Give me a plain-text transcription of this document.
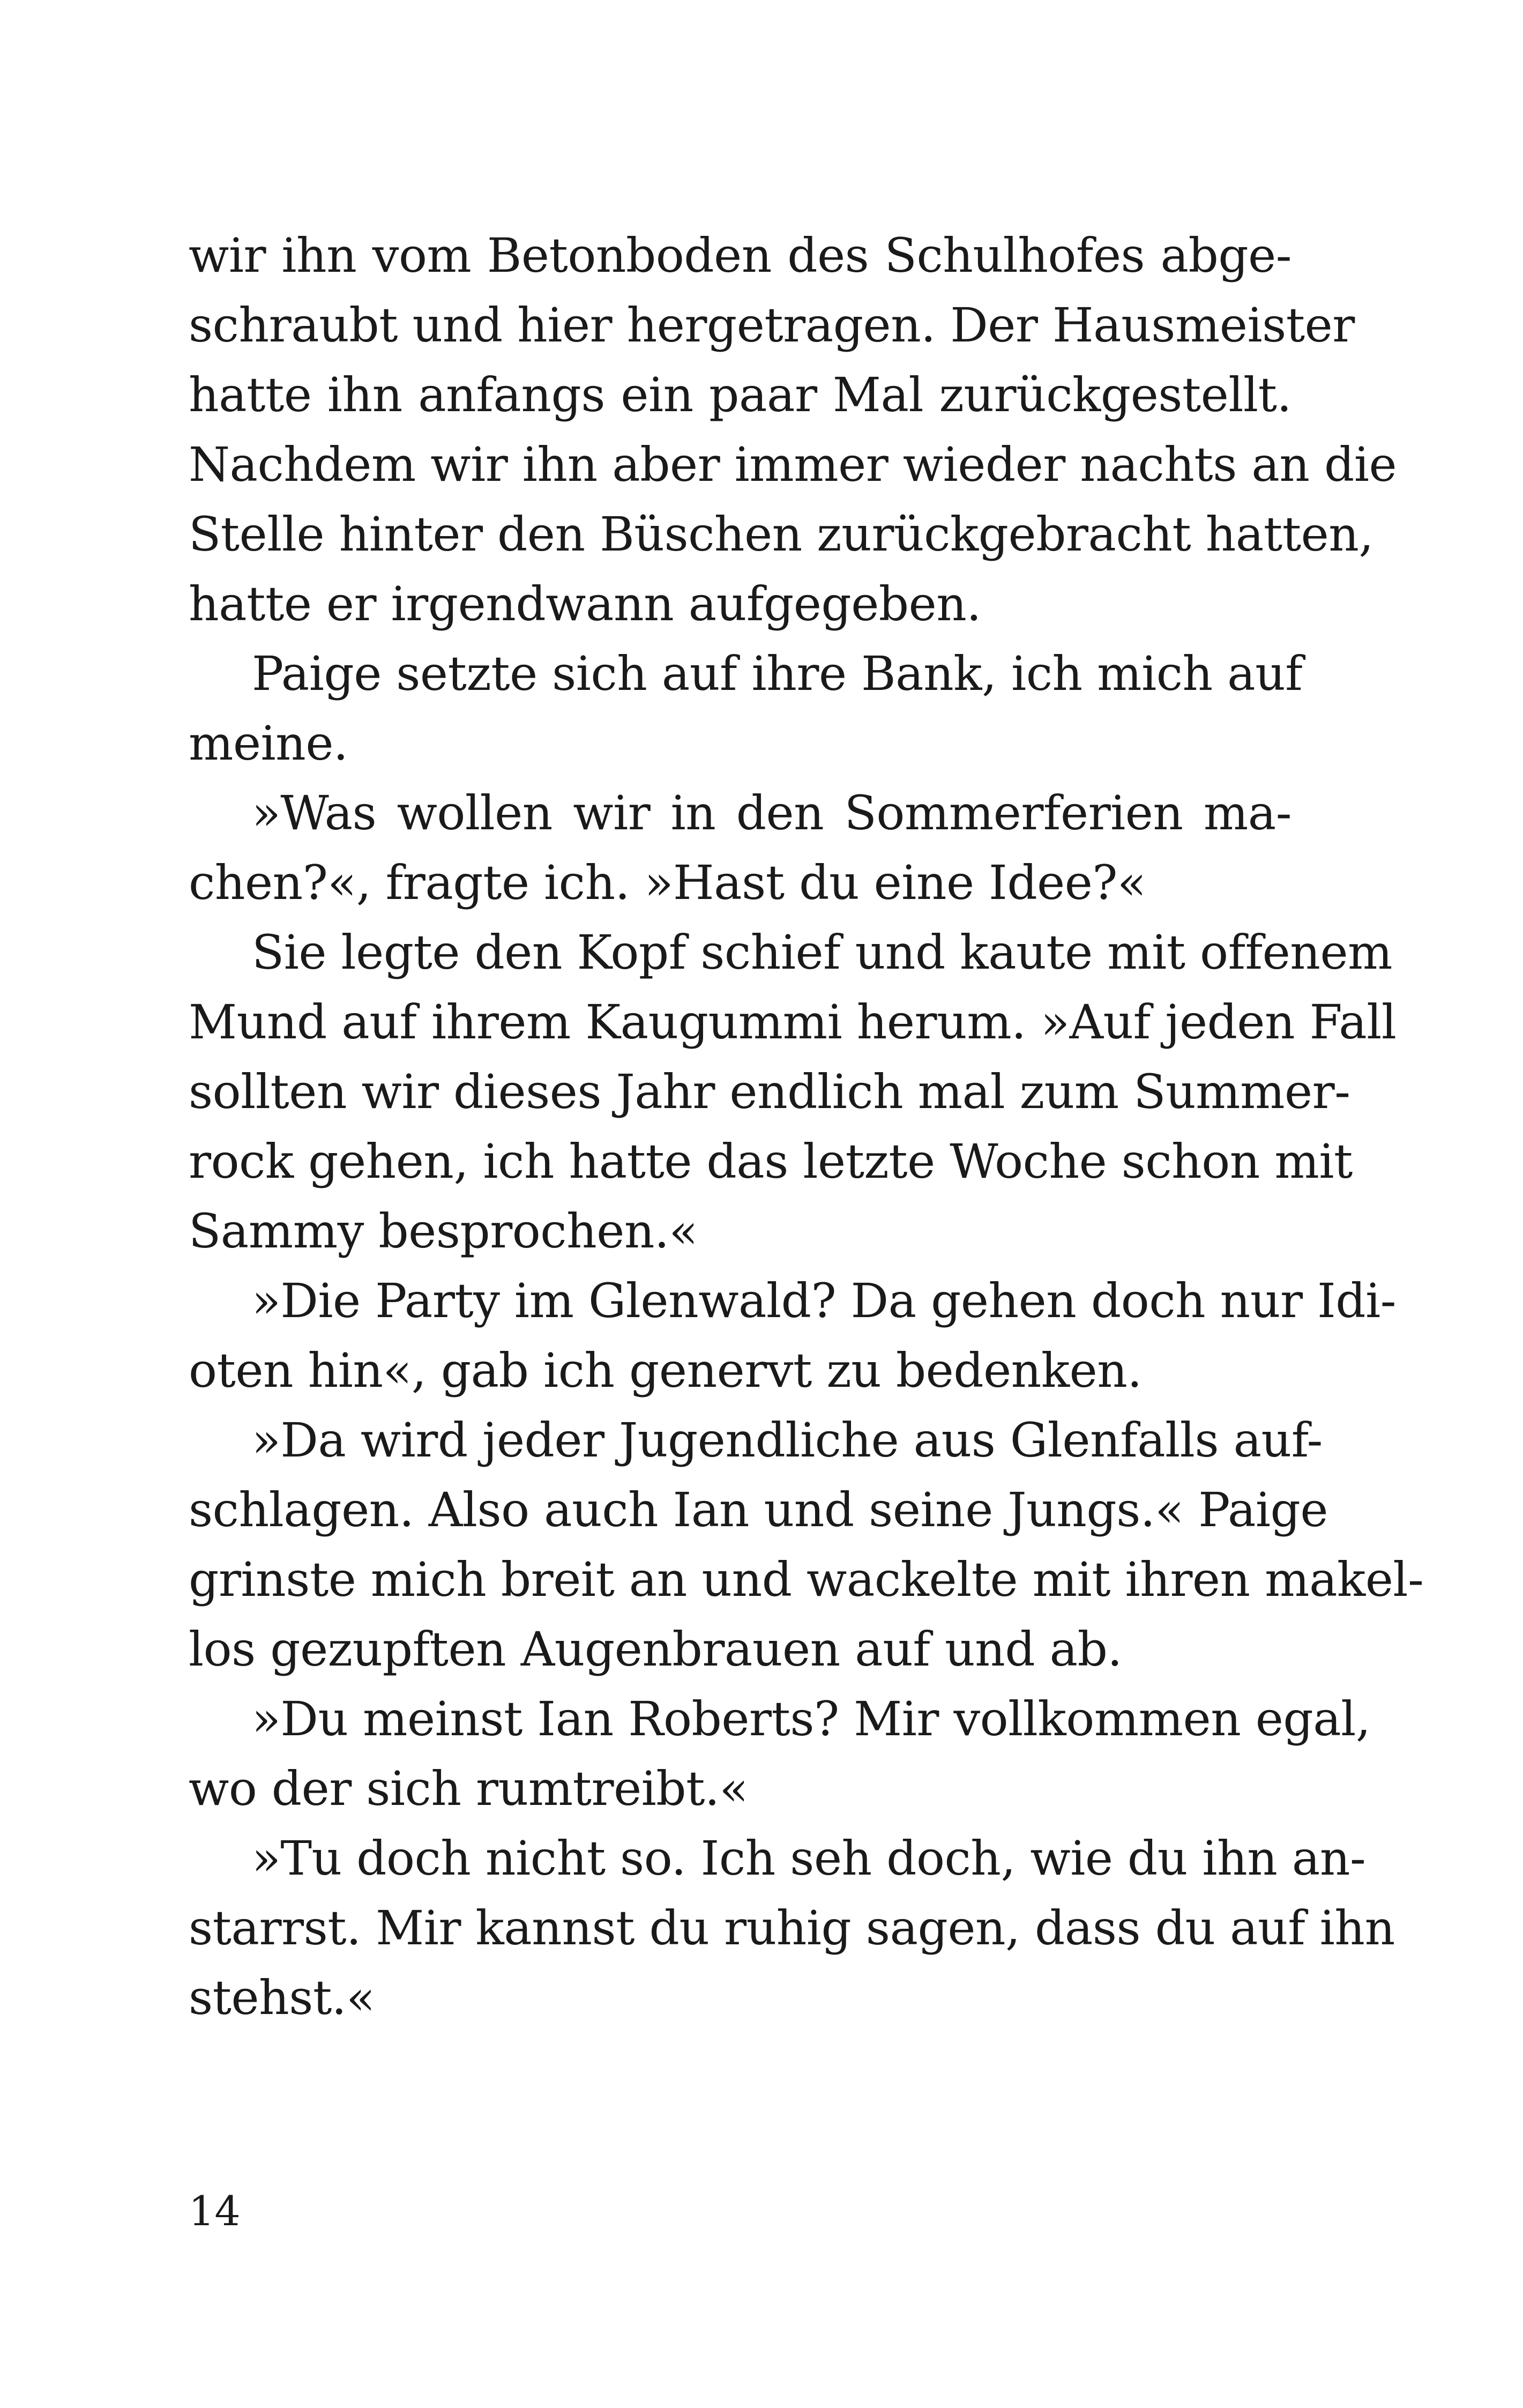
wir ihn vom Betonboden des Schulhofes abge-
schraubt und hier hergetragen. Der Hausmeister
hatte ihn anfangs ein paar Mal zurückgestellt.
Nachdem wir ihn aber immer wieder nachts an die
Stelle hinter den Büschen zurückgebracht hatten,
hatte er irgendwann aufgegeben.
Paige setzte sich auf ihre Bank, ich mich auf
meine.
»Was wollen wir in den Sommerferien ma-
chen?«, fragte ich. »Hast du eine Idee?«
Sie legte den Kopf schief und kaute mit offenem
Mund auf ihrem Kaugummi herum. »Auf jeden Fall
sollten wir dieses Jahr endlich mal zum Summer-
rock gehen, ich hatte das letzte Woche schon mit
Sammy besprochen.«
»Die Party im Glenwald? Da gehen doch nur Idi-
oten hin«, gab ich genervt zu bedenken.
»Da wird jeder Jugendliche aus Glenfalls auf-
schlagen. Also auch Ian und seine Jungs.« Paige
grinste mich breit an und wackelte mit ihren makel-
los gezupften Augenbrauen auf und ab.
»Du meinst Ian Roberts? Mir vollkommen egal,
wo der sich rumtreibt.«
»Tu doch nicht so. Ich seh doch, wie du ihn an-
starrst. Mir kannst du ruhig sagen, dass du auf ihn
stehst.«
14
